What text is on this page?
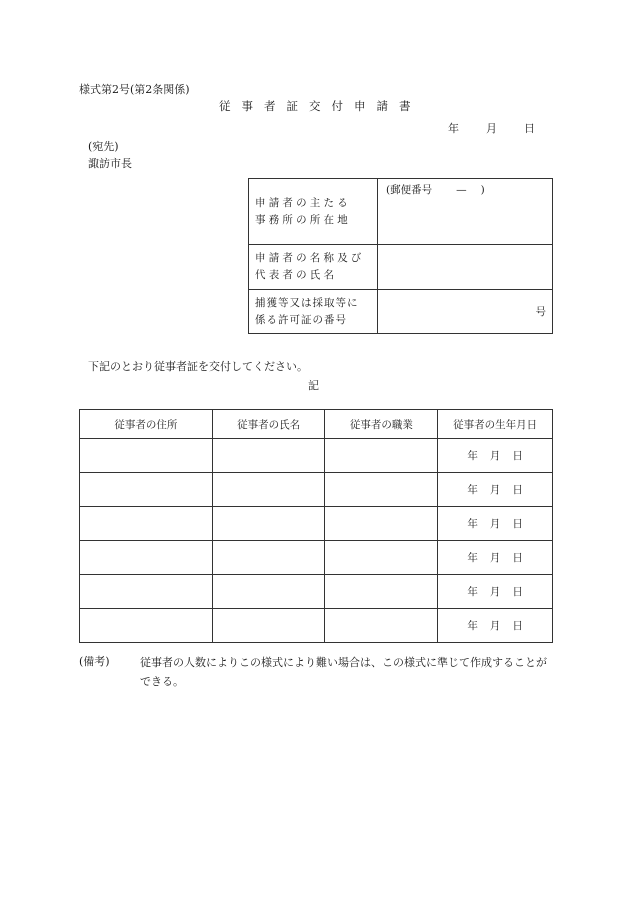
様式第2号(第2条関係)
従事者証交付申請書
年 月 日
(宛先)
諏訪市長
申請者の主たる
事務所の所在地	(郵便番号 — )

申請者の名称及び
代表者の氏名	

捕獲等又は採取等に
係る許可証の番号	号
下記のとおり従事者証を交付してください。
記
従事者の住所	従事者の氏名	従事者の職業	従事者の生年月日
			年 月 日
			年 月 日
			年 月 日
			年 月 日
			年 月 日
			年 月 日
(備考)	従事者の人数によりこの様式により難い場合は、この様式に準じて作成することができる。
